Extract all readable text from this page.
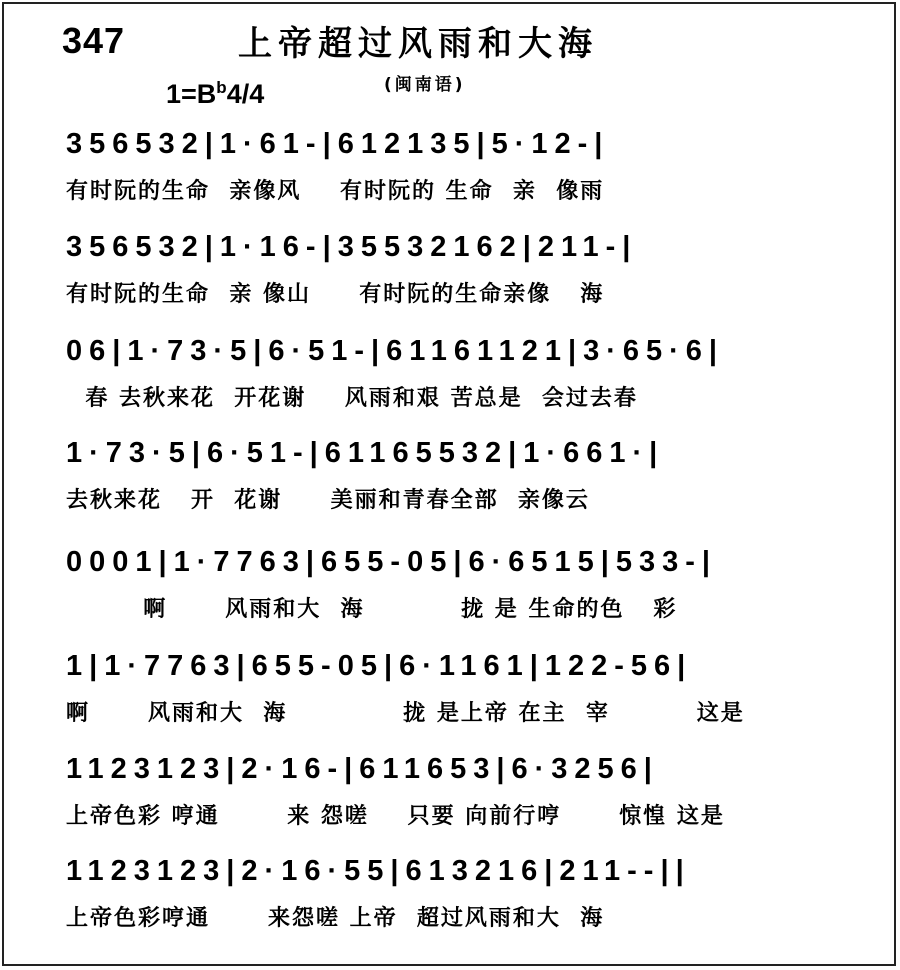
347	上帝超过风雨和大海
(闽南语)
$1=B^b4/4$
356532|1·61-|612135|5·12-|
有时阮的生命  亲像风    有时阮的 生命  亲  像雨
356532|1·16-|35532162|211-|
有时阮的生命  亲 像山     有时阮的生命亲像   海
06|1·73·5|6·51-|61161121|3·65·6|
春 去秋来花  开花谢    风雨和艰 苦总是  会过去春
1·73·5|6·51-|61165532|1·661·|
去秋来花   开  花谢     美丽和青春全部  亲像云
0001|1·7763|655-05|6·6515|533-|
啊      风雨和大  海          拢 是 生命的色   彩
1|1·7763|655-05|6·1161|122-56|
啊      风雨和大  海            拢 是上帝 在主  宰         这是
1123123|2·16-|611653|6·3256|
上帝色彩 哼通       来 怨嗟    只要 向前行哼      惊惶 这是
1123123|2·16·55|613216|211--||
上帝色彩哼通      来怨嗟 上帝  超过风雨和大  海
